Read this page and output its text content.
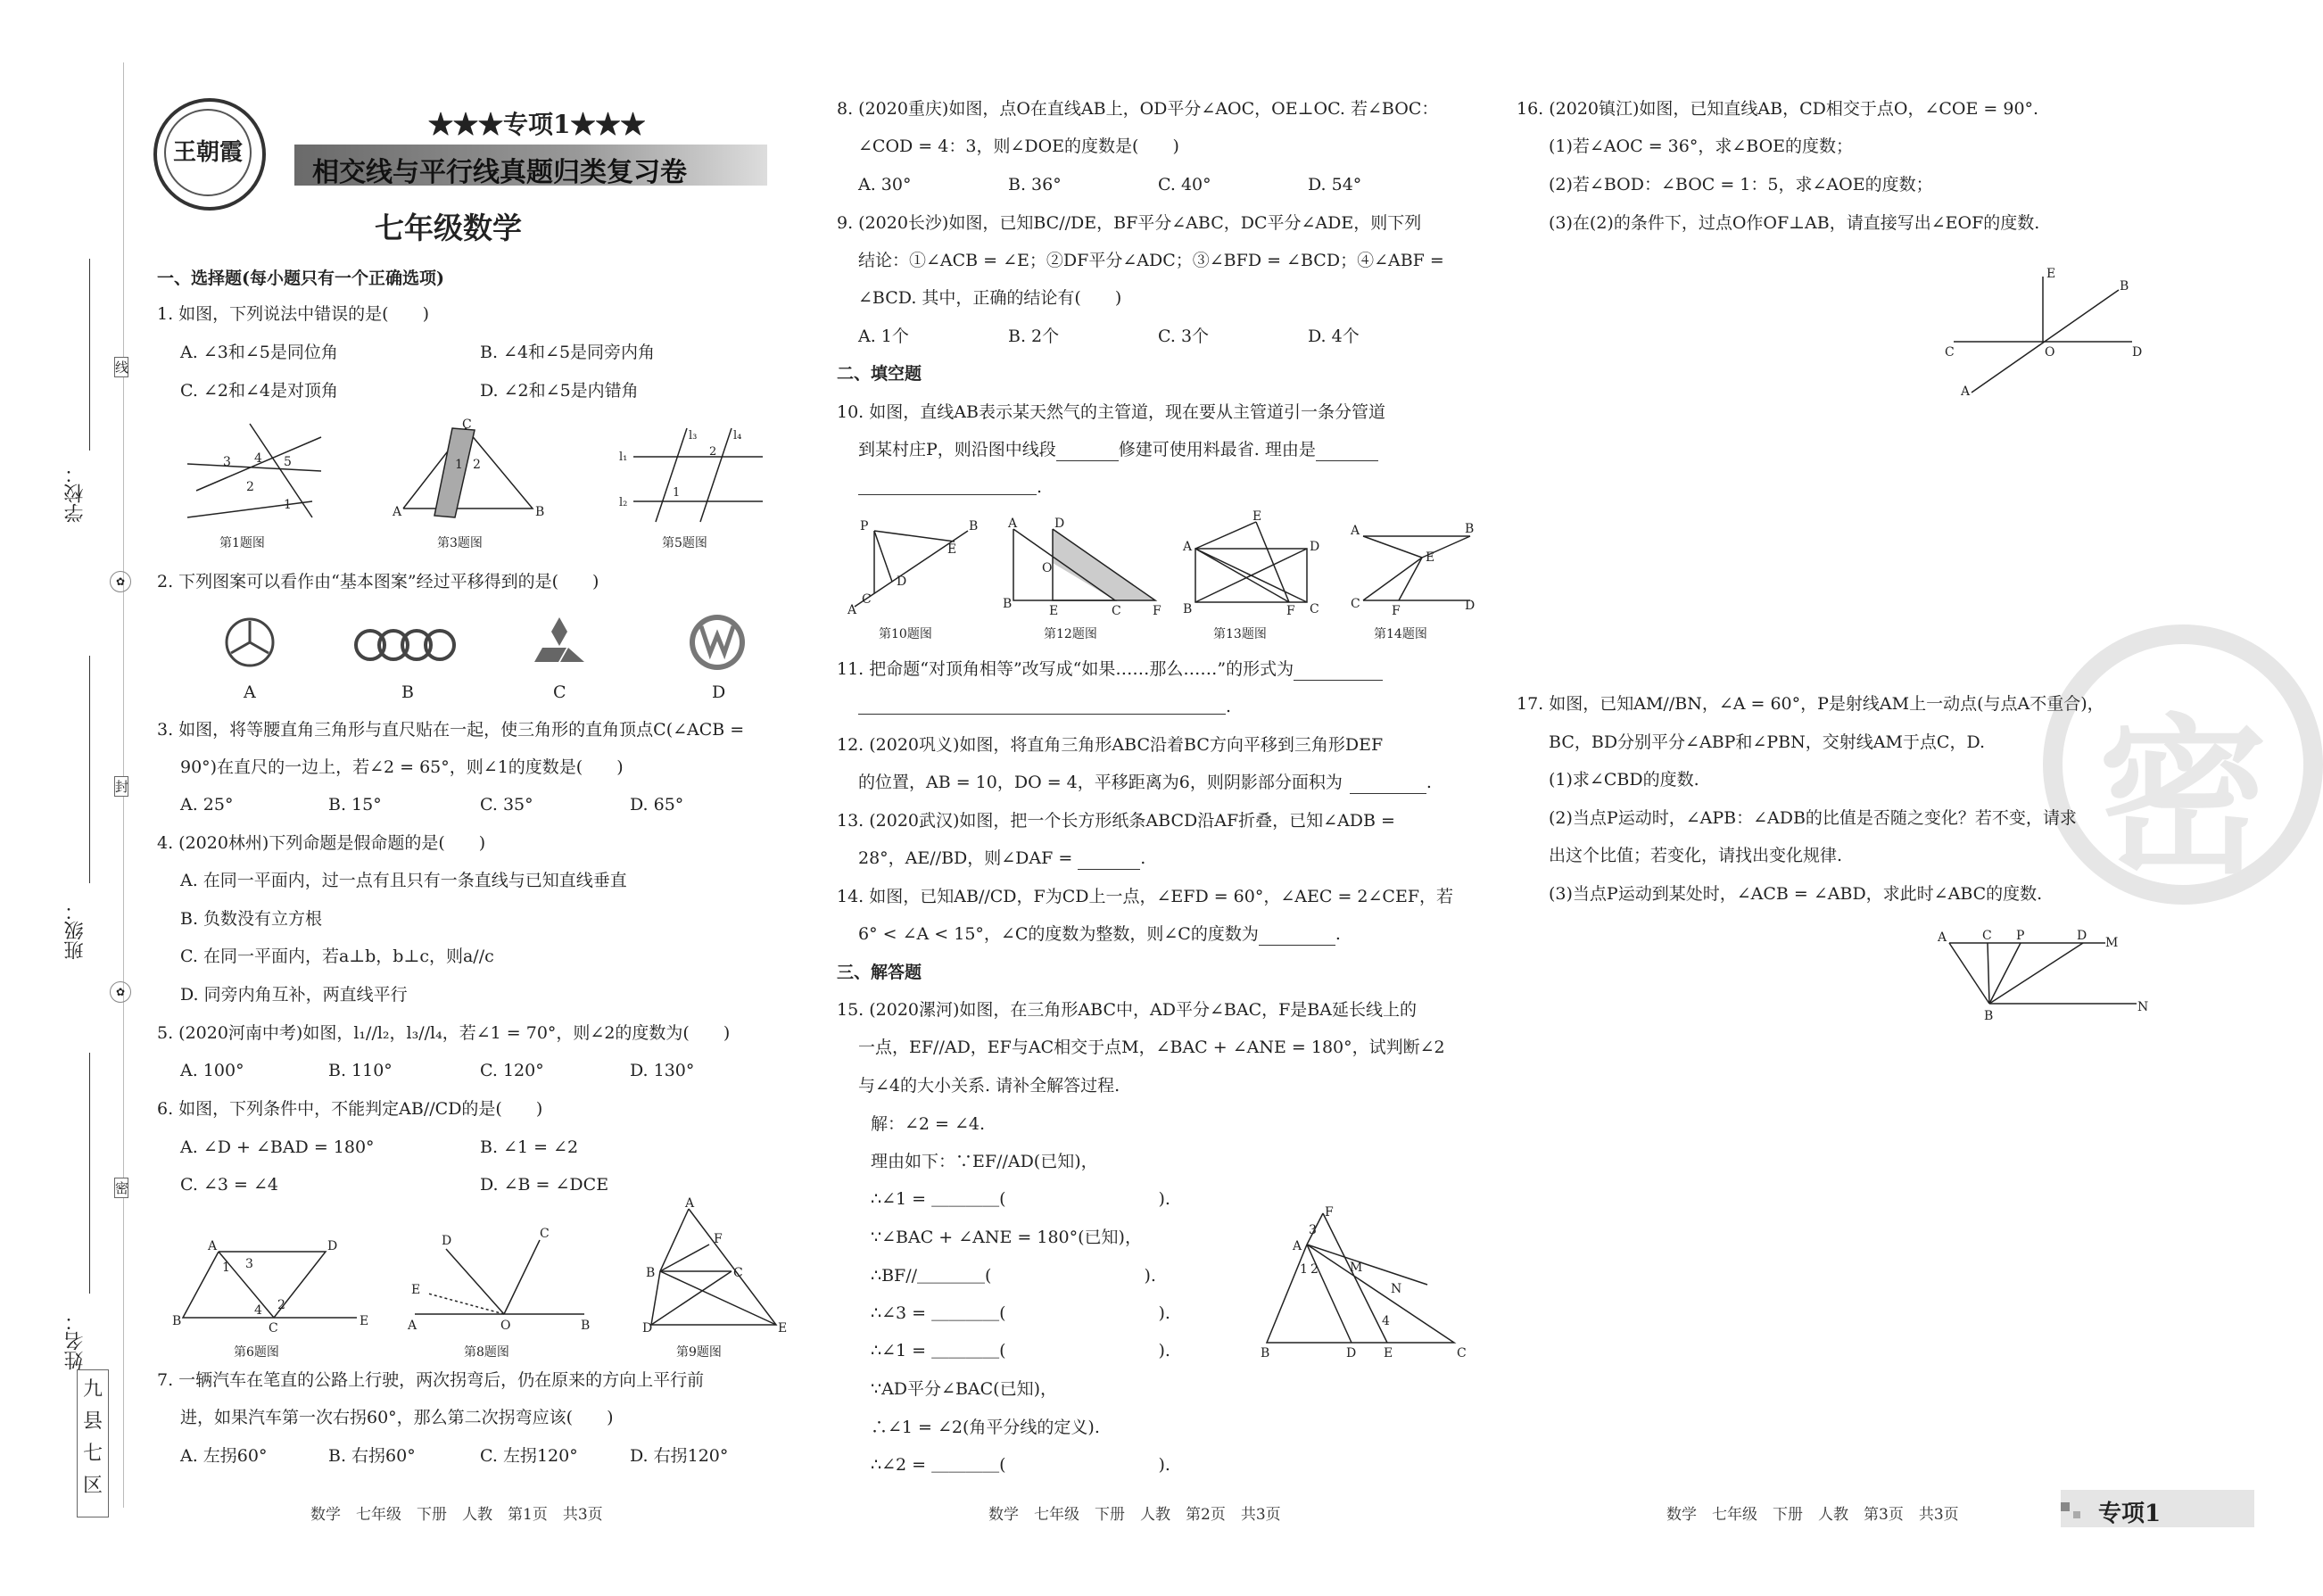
学校：
班级：
姓名：
线
封
密
✿
✿
九县七区
王朝霞
★★★专项1★★★
相交线与平行线真题归类复习卷
七年级数学
一、选择题(每小题只有一个正确选项)
1. 如图，下列说法中错误的是(　　)
A. ∠3和∠5是同位角	B. ∠4和∠5是同旁内角
C. ∠2和∠4是对顶角	D. ∠2和∠5是内错角
3 4 5
2
1	A
C
B
1 2
l₁
l₂
l₃	l₄
1
2
第1题图	第3题图	第5题图
2. 下列图案可以看作由“基本图案”经过平移得到的是(　　)
A	B	C	D
3. 如图，将等腰直角三角形与直尺贴在一起，使三角形的直角顶点C(∠ACB =
90°)在直尺的一边上，若∠2 = 65°，则∠1的度数是(　　)
A. 25°	B. 15°	C. 35°	D. 65°
4. (2020林州)下列命题是假命题的是(　　)
A. 在同一平面内，过一点有且只有一条直线与已知直线垂直
B. 负数没有立方根
C. 在同一平面内，若a⊥b，b⊥c，则a//c
D. 同旁内角互补，两直线平行
5. (2020河南中考)如图，l₁//l₂，l₃//l₄，若∠1 = 70°，则∠2的度数为(　　)
A. 100°	B. 110°	C. 120°	D. 130°
6. 如图，下列条件中，不能判定AB//CD的是(　　)
A. ∠D + ∠BAD = 180°	B. ∠1 = ∠2
C. ∠3 = ∠4	D. ∠B = ∠DCE
A	D
B	C	E
1 3
4 2
D	C
E
A	O	B
A
F
B	C
D	E
第6题图	第8题图	第9题图
7. 一辆汽车在笔直的公路上行驶，两次拐弯后，仍在原来的方向上平行前
进，如果汽车第一次右拐60°，那么第二次拐弯应该(　　)
A. 左拐60°	B. 右拐60°	C. 左拐120°	D. 右拐120°
数学　七年级　下册　人教　第1页　共3页
8. (2020重庆)如图，点O在直线AB上，OD平分∠AOC，OE⊥OC. 若∠BOC：
∠COD = 4：3，则∠DOE的度数是(　　)
A. 30°	B. 36°	C. 40°	D. 54°
9. (2020长沙)如图，已知BC//DE，BF平分∠ABC，DC平分∠ADE，则下列
结论：①∠ACB = ∠E；②DF平分∠ADC；③∠BFD = ∠BCD；④∠ABF =
∠BCD. 其中，正确的结论有(　　)
A. 1个	B. 2个	C. 3个	D. 4个
二、填空题
10. 如图，直线AB表示某天然气的主管道，现在要从主管道引一条分管道
到某村庄P，则沿图中线段	修建可使用料最省. 理由是
.
P	B
E
D
C
A
A	D
O
B	E	C	F
E
A	D
B	F C
A	B
E
C	F	D
第10题图	第12题图	第13题图	第14题图
11. 把命题“对顶角相等”改写成“如果……那么……”的形式为
.
12. (2020巩义)如图，将直角三角形ABC沿着BC方向平移到三角形DEF
的位置，AB = 10，DO = 4，平移距离为6，则阴影部分面积为	.
13. (2020武汉)如图，把一个长方形纸条ABCD沿AF折叠，已知∠ADB =
28°，AE//BD，则∠DAF =	.
14. 如图，已知AB//CD，F为CD上一点，∠EFD = 60°，∠AEC = 2∠CEF，若
6° < ∠A < 15°，∠C的度数为整数，则∠C的度数为	.
三、解答题
15. (2020漯河)如图，在三角形ABC中，AD平分∠BAC，F是BA延长线上的
一点，EF//AD，EF与AC相交于点M，∠BAC + ∠ANE = 180°，试判断∠2
与∠4的大小关系. 请补全解答过程.
解：∠2 = ∠4.
理由如下：∵EF//AD(已知)，
∴∠1 = ＿＿＿＿(　　　　　　　　　).
∵∠BAC + ∠ANE = 180°(已知)，
∴BF//＿＿＿＿(　　　　　　　　　).
∴∠3 = ＿＿＿＿(　　　　　　　　　).
∴∠1 = ＿＿＿＿(　　　　　　　　　).
∵AD平分∠BAC(已知)，
∴∠1 = ∠2(角平分线的定义).
∴∠2 = ＿＿＿＿(　　　　　　　　　).
F
3
A
1 2	M
N
4
B	D E	C
数学　七年级　下册　人教　第2页　共3页
16. (2020镇江)如图，已知直线AB，CD相交于点O，∠COE = 90°.
(1)若∠AOC = 36°，求∠BOE的度数；
(2)若∠BOD：∠BOC = 1：5，求∠AOE的度数；
(3)在(2)的条件下，过点O作OF⊥AB，请直接写出∠EOF的度数.
E
B
C	O	D
A
密
17. 如图，已知AM//BN，∠A = 60°，P是射线AM上一动点(与点A不重合)，
BC，BD分别平分∠ABP和∠PBN，交射线AM于点C，D.
(1)求∠CBD的度数.
(2)当点P运动时，∠APB：∠ADB的比值是否随之变化？若不变，请求
出这个比值；若变化，请找出变化规律.
(3)当点P运动到某处时，∠ACB = ∠ABD，求此时∠ABC的度数.
A	C P	D M
B
N
数学　七年级　下册　人教　第3页　共3页	专项1
